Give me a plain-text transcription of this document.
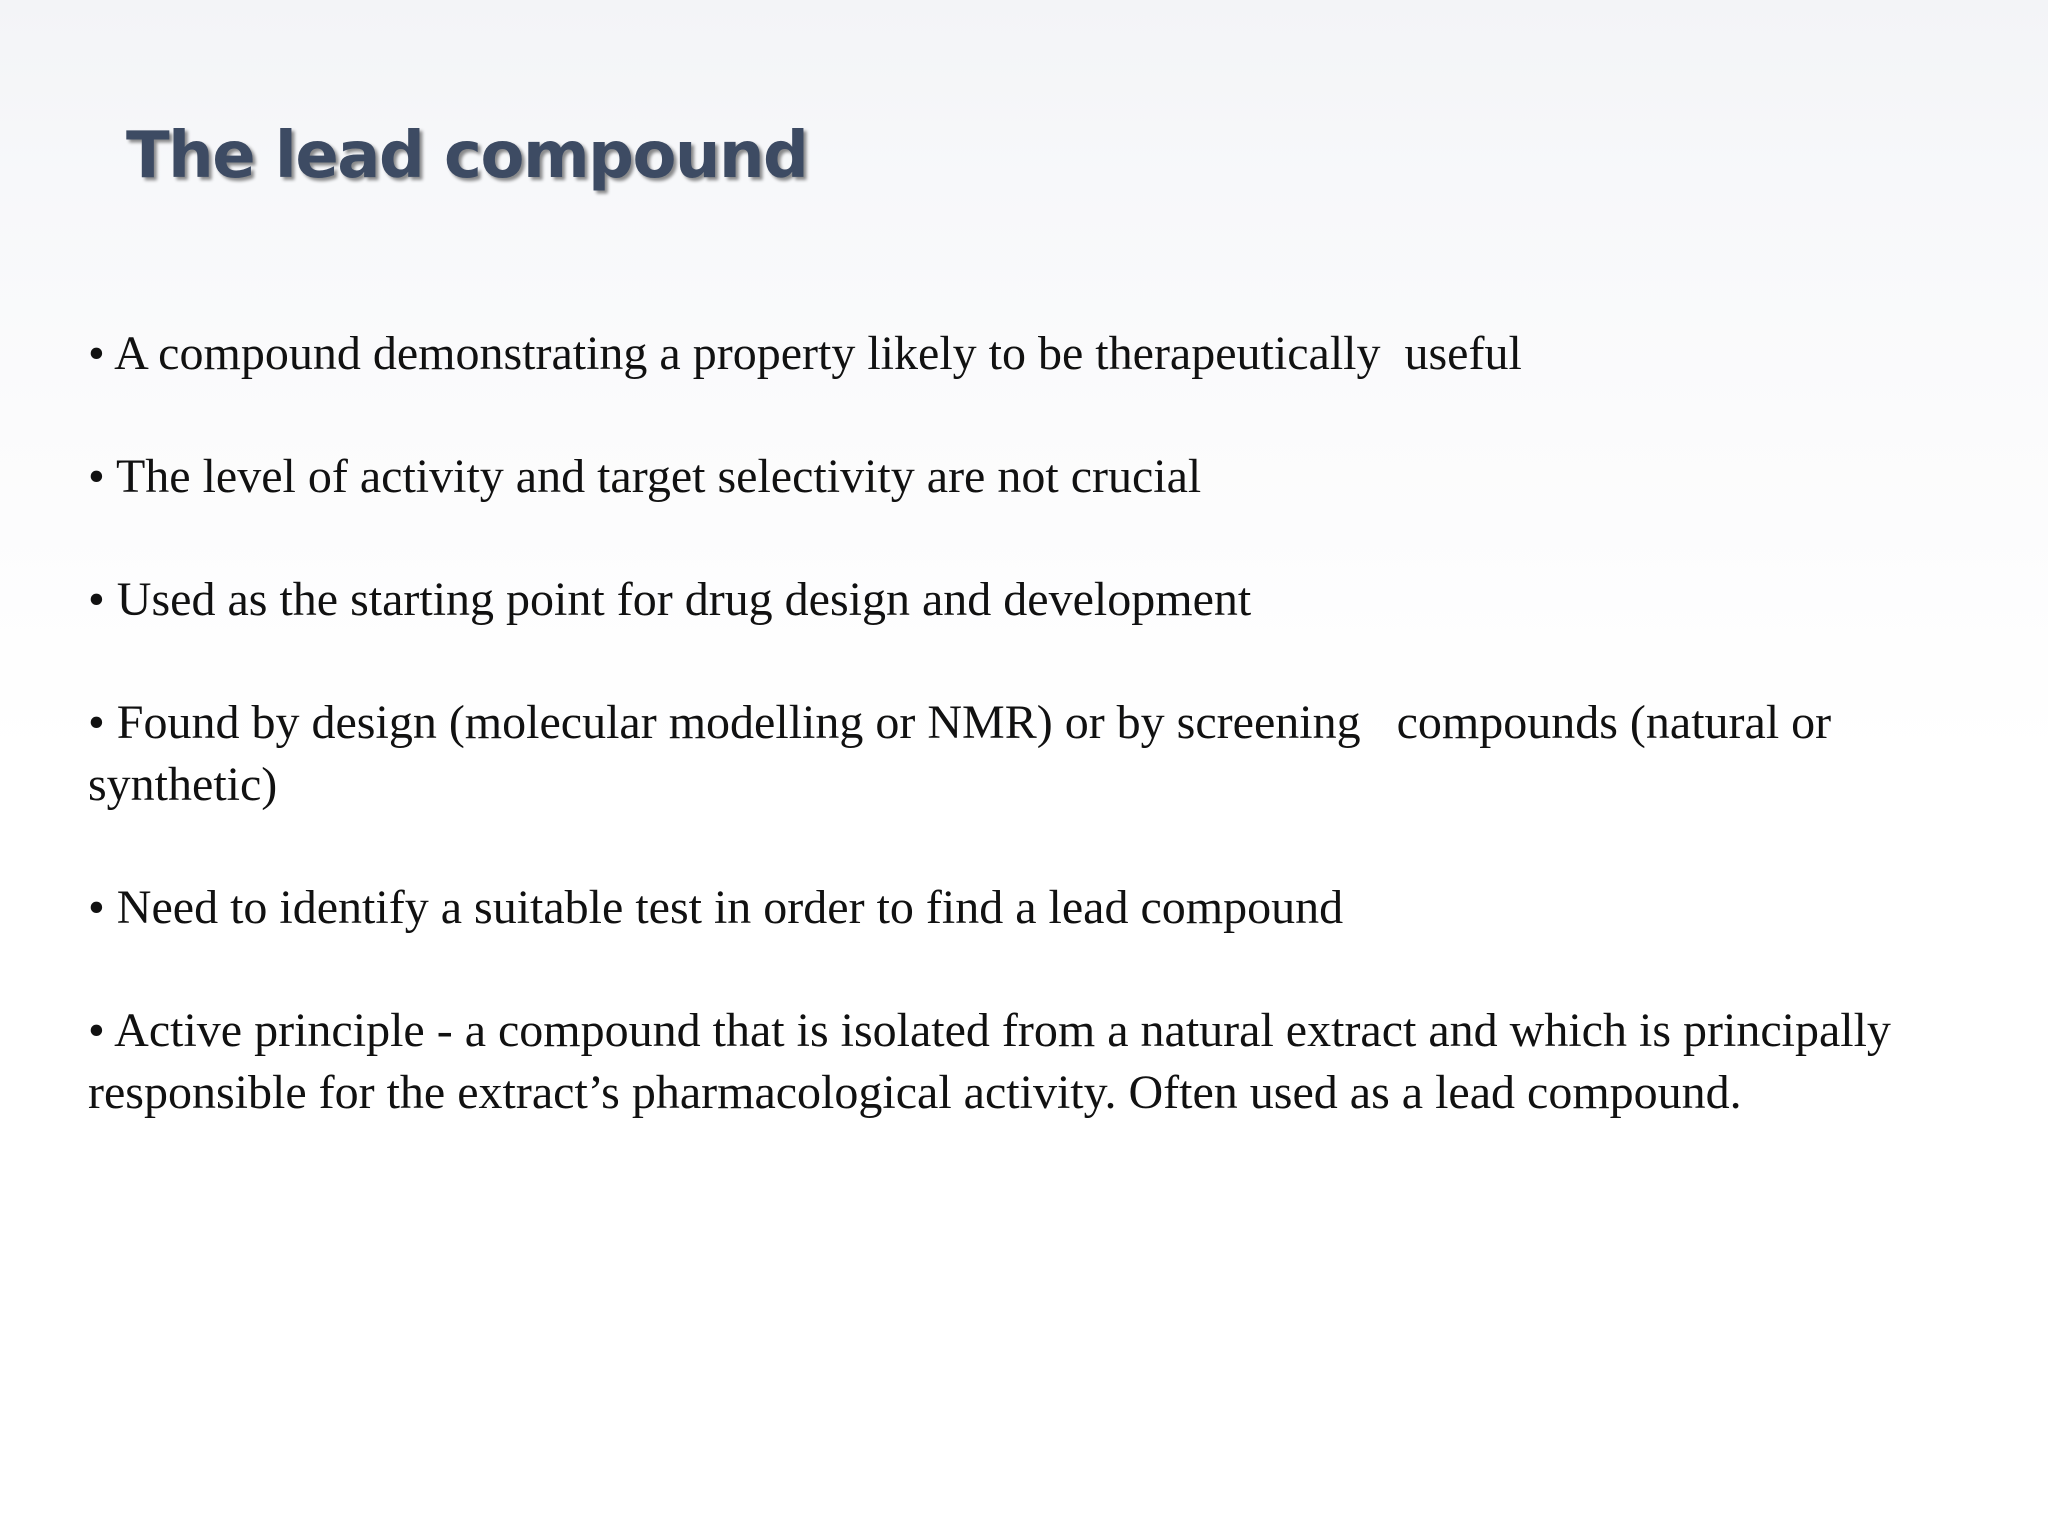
The lead compound
• A compound demonstrating a property likely to be therapeutically  useful
• The level of activity and target selectivity are not crucial
• Used as the starting point for drug design and development
• Found by design (molecular modelling or NMR) or by screening   compounds (natural or synthetic)
• Need to identify a suitable test in order to find a lead compound
• Active principle - a compound that is isolated from a natural extract and which is principally responsible for the extract’s pharmacological activity. Often used as a lead compound.
